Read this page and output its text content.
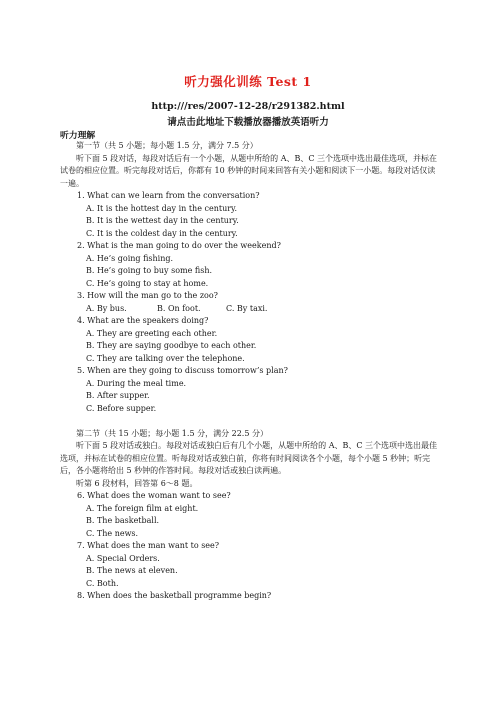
听力强化训练 Test 1
http:///res/2007-12-28/r291382.html
请点击此地址下载播放器播放英语听力
听力理解

第一节（共 5 小题；每小题 1.5 分，满分 7.5 分）

听下面 5 段对话，每段对话后有一个小题，从题中所给的 A、B、C 三个选项中选出最佳选项，并标在试卷的相应位置。听完每段对话后，你都有 10 秒钟的时间来回答有关小题和阅读下一小题。每段对话仅读一遍。

1. What can we learn from the conversation?

A. It is the hottest day in the century.

B. It is the wettest day in the century.

C. It is the coldest day in the century.

2. What is the man going to do over the weekend?

A. He’s going fishing.

B. He’s going to buy some fish.

C. He’s going to stay at home.

3. How will the man go to the zoo?

A. By bus.	B. On foot.	C. By taxi.

4. What are the speakers doing?

A. They are greeting each other.

B. They are saying goodbye to each other.

C. They are talking over the telephone.

5. When are they going to discuss tomorrow’s plan?

A. During the meal time.

B. After supper.

C. Before supper.

第二节（共 15 小题；每小题 1.5 分，满分 22.5 分）

听下面 5 段对话或独白。每段对话或独白后有几个小题，从题中所给的 A、B、C 三个选项中选出最佳选项，并标在试卷的相应位置。听每段对话或独白前，你将有时间阅读各个小题，每个小题 5 秒钟；听完后，各小题将给出 5 秒钟的作答时间。每段对话或独白读两遍。

听第 6 段材料，回答第 6～8 题。

6. What does the woman want to see?

A. The foreign film at eight.

B. The basketball.

C. The news.

7. What does the man want to see?

A. Special Orders.

B. The news at eleven.

C. Both.

8. When does the basketball programme begin?
